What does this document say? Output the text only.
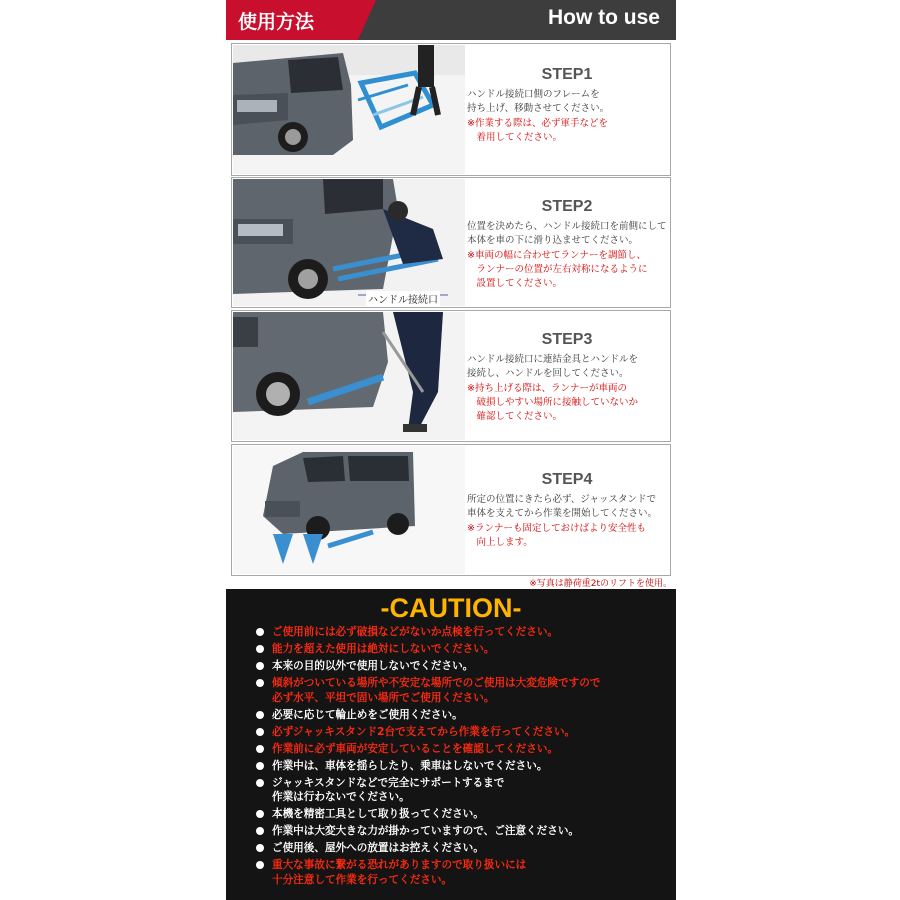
使用方法	How to use
STEP1
ハンドル接続口側のフレームを
持ち上げ、移動させてください。
※作業する際は、必ず軍手などを
　着用してください。
ハンドル接続口
STEP2
位置を決めたら、ハンドル接続口を前側にして
本体を車の下に滑り込ませてください。
※車両の幅に合わせてランナーを調節し、
　ランナーの位置が左右対称になるように
　設置してください。
STEP3
ハンドル接続口に連結金具とハンドルを
接続し、ハンドルを回してください。
※持ち上げる際は、ランナーが車両の
　破損しやすい場所に接触していないか
　確認してください。
STEP4
所定の位置にきたら必ず、ジャッスタンドで
車体を支えてから作業を開始してください。
※ランナーも固定しておけばより安全性も
　向上します。
※写真は静荷重2tのリフトを使用。
-CAUTION-
ご使用前には必ず破損などがないか点検を行ってください。
能力を超えた使用は絶対にしないでください。
本来の目的以外で使用しないでください。
傾斜がついている場所や不安定な場所でのご使用は大変危険ですので
必ず水平、平坦で固い場所でご使用ください。
必要に応じて輪止めをご使用ください。
必ずジャッキスタンド2台で支えてから作業を行ってください。
作業前に必ず車両が安定していることを確認してください。
作業中は、車体を揺らしたり、乗車はしないでください。
ジャッキスタンドなどで完全にサポートするまで
作業は行わないでください。
本機を精密工具として取り扱ってください。
作業中は大変大きな力が掛かっていますので、ご注意ください。
ご使用後、屋外への放置はお控えください。
重大な事故に繋がる恐れがありますので取り扱いには
十分注意して作業を行ってください。
